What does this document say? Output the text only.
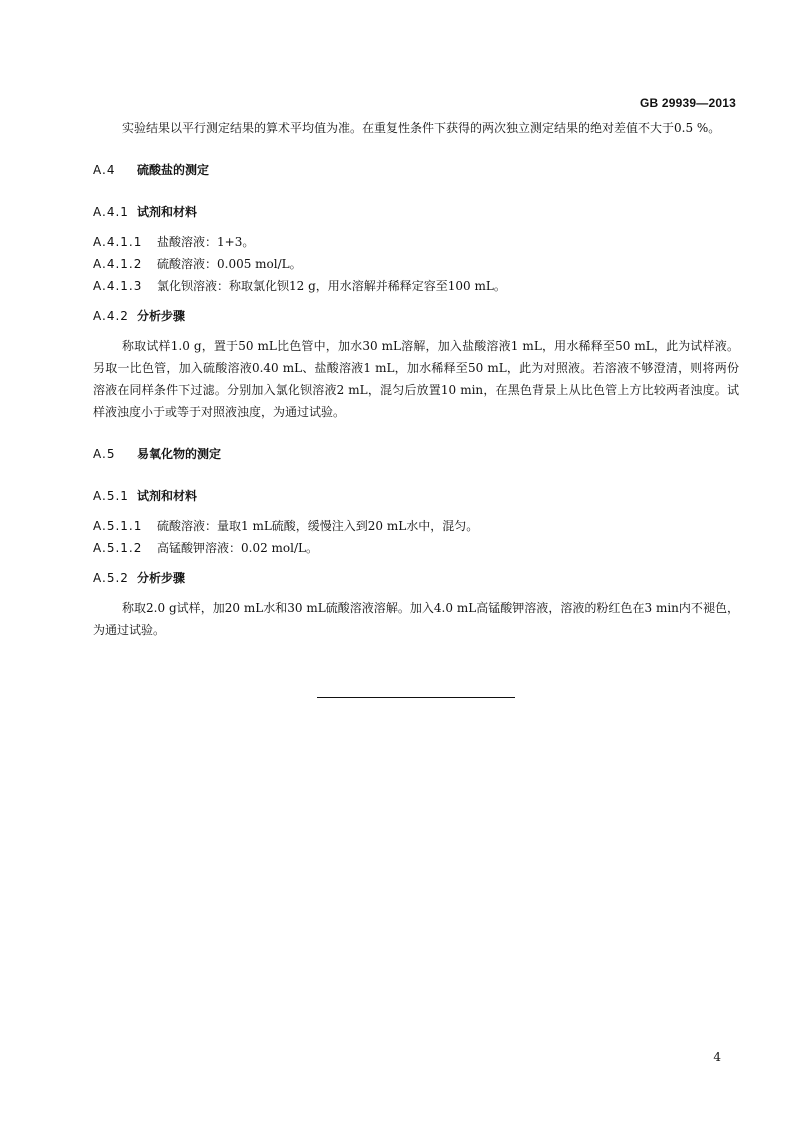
GB 29939—2013

实验结果以平行测定结果的算术平均值为准。在重复性条件下获得的两次独立测定结果的绝对差值不大于0.5 %。

A.4 硫酸盐的测定
A.4.1 试剂和材料
A.4.1.1 盐酸溶液：1+3。
A.4.1.2 硫酸溶液：0.005 mol/L。
A.4.1.3 氯化钡溶液：称取氯化钡12 g，用水溶解并稀释定容至100 mL。
A.4.2 分析步骤

称取试样1.0 g，置于50 mL比色管中，加水30 mL溶解，加入盐酸溶液1 mL，用水稀释至50 mL，此为试样液。另取一比色管，加入硫酸溶液0.40 mL、盐酸溶液1 mL，加水稀释至50 mL，此为对照液。若溶液不够澄清，则将两份溶液在同样条件下过滤。分别加入氯化钡溶液2 mL，混匀后放置10 min，在黑色背景上从比色管上方比较两者浊度。试样液浊度小于或等于对照液浊度，为通过试验。

A.5 易氧化物的测定
A.5.1 试剂和材料
A.5.1.1 硫酸溶液：量取1 mL硫酸，缓慢注入到20 mL水中，混匀。
A.5.1.2 高锰酸钾溶液：0.02 mol/L。
A.5.2 分析步骤

称取2.0 g试样，加20 mL水和30 mL硫酸溶液溶解。加入4.0 mL高锰酸钾溶液，溶液的粉红色在3 min内不褪色，为通过试验。

4
